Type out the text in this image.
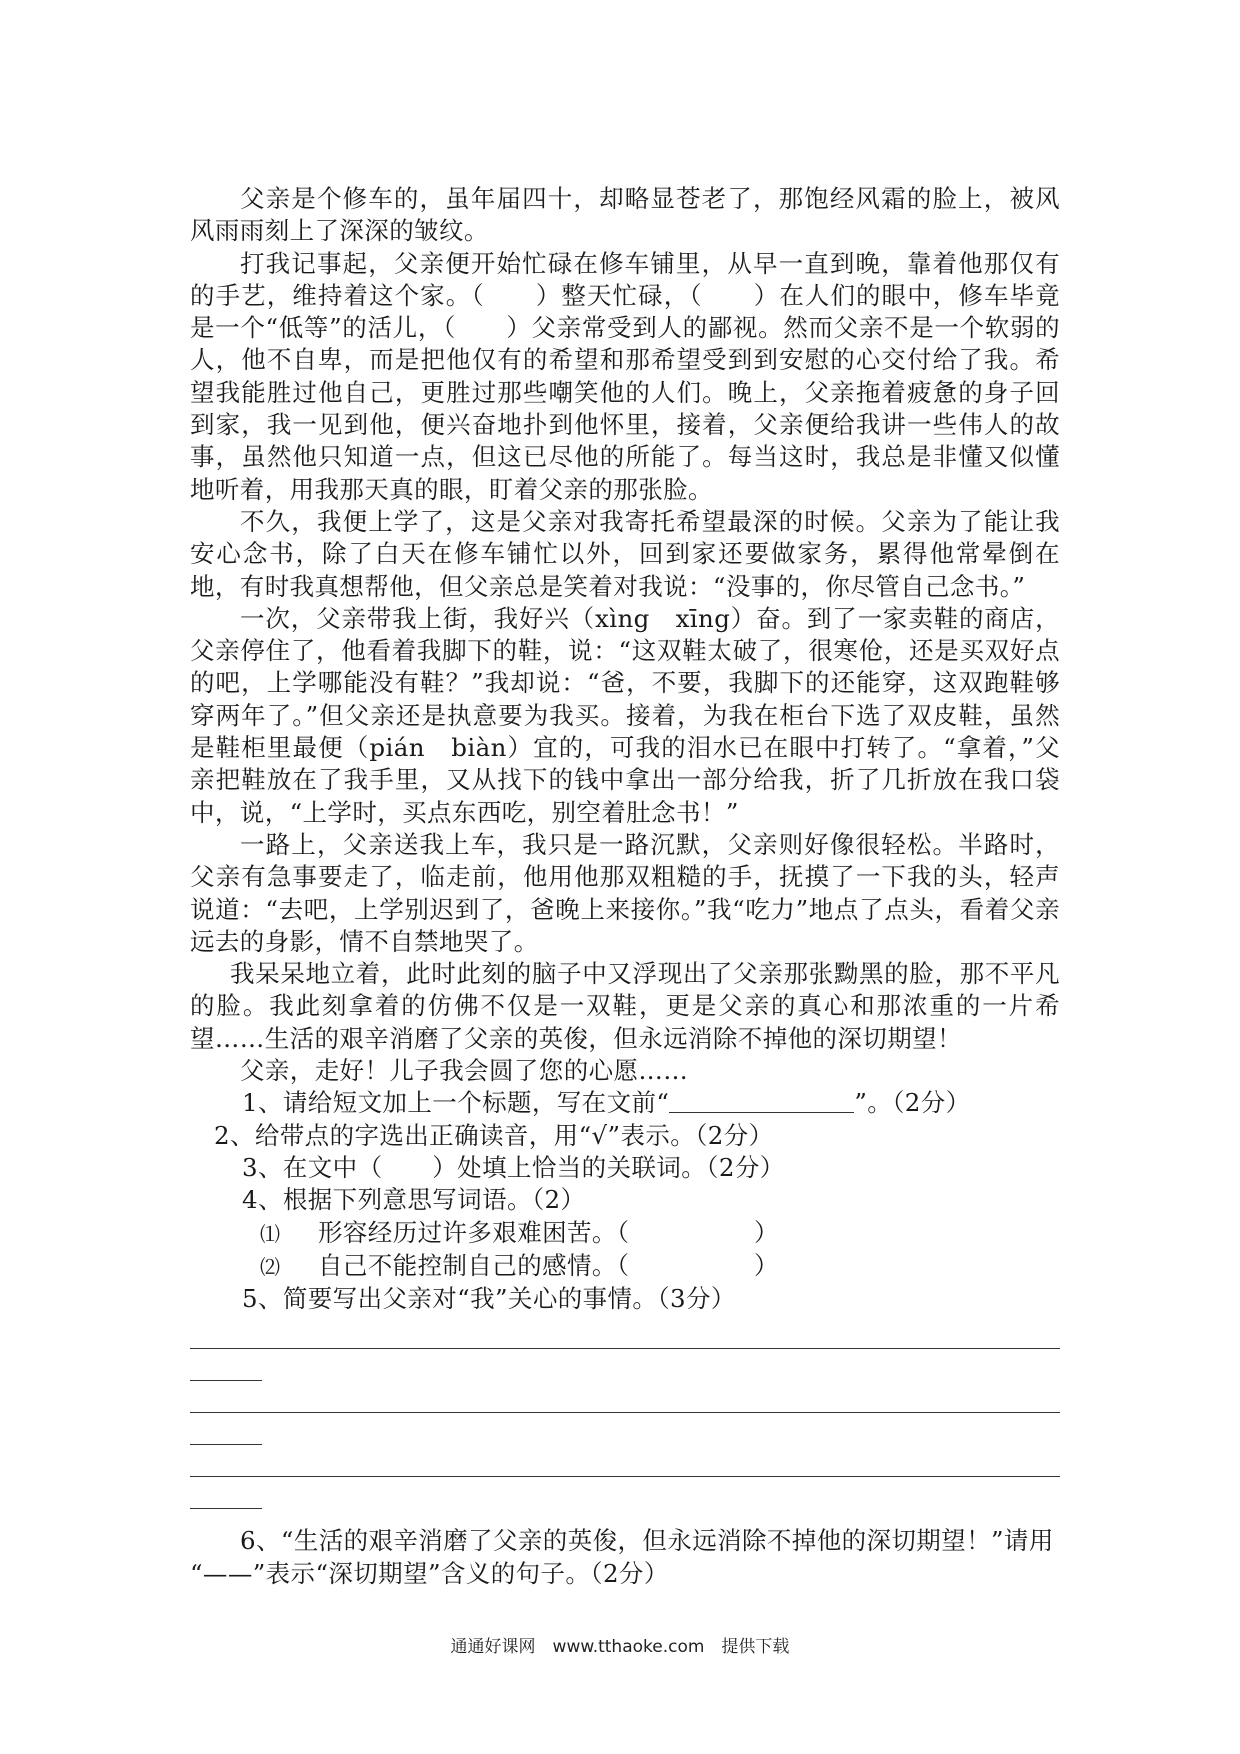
父亲是个修车的，虽年届四十，却略显苍老了，那饱经风霜的脸上，被风风雨雨刻上了深深的皱纹。

打我记事起，父亲便开始忙碌在修车铺里，从早一直到晚，靠着他那仅有的手艺，维持着这个家。（　　）整天忙碌，（　　）在人们的眼中，修车毕竟是一个“低等”的活儿，（　　）父亲常受到人的鄙视。然而父亲不是一个软弱的人，他不自卑，而是把他仅有的希望和那希望受到到安慰的心交付给了我。希望我能胜过他自己，更胜过那些嘲笑他的人们。晚上，父亲拖着疲惫的身子回到家，我一见到他，便兴奋地扑到他怀里，接着，父亲便给我讲一些伟人的故事，虽然他只知道一点，但这已尽他的所能了。每当这时，我总是非懂又似懂地听着，用我那天真的眼，盯着父亲的那张脸。

不久，我便上学了，这是父亲对我寄托希望最深的时候。父亲为了能让我安心念书，除了白天在修车铺忙以外，回到家还要做家务，累得他常晕倒在地，有时我真想帮他，但父亲总是笑着对我说：“没事的，你尽管自己念书。”

一次，父亲带我上街，我好兴（xìng　xīng）奋。到了一家卖鞋的商店，父亲停住了，他看着我脚下的鞋，说：“这双鞋太破了，很寒伧，还是买双好点的吧，上学哪能没有鞋？”我却说：“爸，不要，我脚下的还能穿，这双跑鞋够穿两年了。”但父亲还是执意要为我买。接着，为我在柜台下选了双皮鞋，虽然是鞋柜里最便（pián　biàn）宜的，可我的泪水已在眼中打转了。“拿着，”父亲把鞋放在了我手里，又从找下的钱中拿出一部分给我，折了几折放在我口袋中，说，“上学时，买点东西吃，别空着肚念书！”

一路上，父亲送我上车，我只是一路沉默，父亲则好像很轻松。半路时，父亲有急事要走了，临走前，他用他那双粗糙的手，抚摸了一下我的头，轻声说道：“去吧，上学别迟到了，爸晚上来接你。”我“吃力”地点了点头，看着父亲远去的身影，情不自禁地哭了。

我呆呆地立着，此时此刻的脑子中又浮现出了父亲那张黝黑的脸，那不平凡的脸。我此刻拿着的仿佛不仅是一双鞋，更是父亲的真心和那浓重的一片希望……生活的艰辛消磨了父亲的英俊，但永远消除不掉他的深切期望！

父亲，走好！儿子我会圆了您的心愿……

1、请给短文加上一个标题，写在文前“	”。（2分）

2、给带点的字选出正确读音，用“√”表示。（2分）

3、在文中（　　）处填上恰当的关联词。（2分）

4、根据下列意思写词语。（2）

⑴ 形容经历过许多艰难困苦。（　　　　　）

⑵ 自己不能控制自己的感情。（　　　　　）

5、简要写出父亲对“我”关心的事情。（3分）

6、“生活的艰辛消磨了父亲的英俊，但永远消除不掉他的深切期望！”请用

“——”表示“深切期望”含义的句子。（2分）

通通好课网　www.tthaoke.com　提供下载
